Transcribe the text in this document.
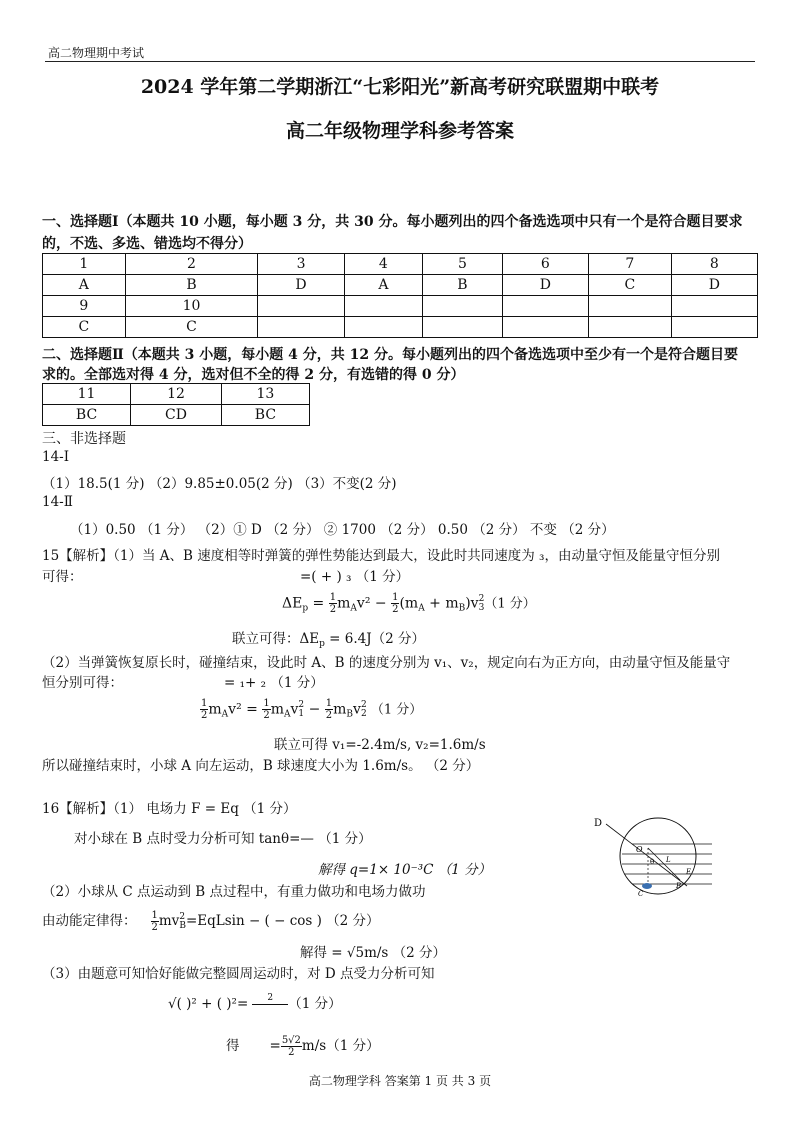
高二物理期中考试
2024 学年第二学期浙江“七彩阳光”新高考研究联盟期中联考
高二年级物理学科参考答案
一、选择题Ⅰ（本题共 10 小题，每小题 3 分，共 30 分。每小题列出的四个备选选项中只有一个是符合题目要求
的，不选、多选、错选均不得分）
1	2	3	4	5	6	7	8
A	B	D	A	B	D	C	D
9	10						
C	C						
二、选择题Ⅱ（本题共 3 小题，每小题 4 分，共 12 分。每小题列出的四个备选选项中至少有一个是符合题目要
求的。全部选对得 4 分，选对但不全的得 2 分，有选错的得 0 分）
11	12	13
BC	CD	BC
三、非选择题
14-Ⅰ
（1）18.5(1 分) （2）9.85±0.05(2 分) （3）不变(2 分)
14-Ⅱ
（1）0.50 （1 分） （2）① D （2 分） ② 1700 （2 分） 0.50 （2 分） 不变 （2 分）
15【解析】（1）当 A、B 速度相等时弹簧的弹性势能达到最大，设此时共同速度为 ₃，由动量守恒及能量守恒分别
可得：	=( + ) ₃ （1 分）
$\Delta E_p = \frac{1}{2} m_Av^2 - \frac{1}{2} (m_A + m_B)v$ 2
3 （1 分）
联立可得：$\Delta E_p = 6.4J(2$ 分）
（2）当弹簧恢复原长时，碰撞结束，设此时 A、B 的速度分别为 v₁、v₂，规定向右为正方向，由动量守恒及能量守
恒分别可得：	= ₁+ ₂ （1 分）
$\frac{1}{2} m_Av^2 = \frac{1}{2} m_Av$ 2
$1 - \frac{1}{2} m_Bv$ 2
2 （1 分）
联立可得 v₁=-2.4m/s, v₂=1.6m/s
所以碰撞结束时，小球 A 向左运动，B 球速度大小为 1.6m/s。 （2 分）
16【解析】（1） 电场力 F = Eq （1 分）
对小球在 B 点时受力分析可知 tanθ=— （1 分）
解得 q=1× 10⁻³C （1 分）
（2）小球从 C 点运动到 B 点过程中，有重力做功和电场力做功
由动能定律得： $\frac{1}{2}$ mv 2
B =EqLsin − ( − cos ) （2 分）
解得 = √5m/s （2 分）
（3）由题意可知恰好能做完整圆周运动时，对 D 点受力分析可知
√( )² + ( )²=	2
	（1 分）
得 = $\frac{5√2}{2} m/s(1$ 分）
D
O
θ L
E
B
C
高二物理学科 答案第 1 页 共 3 页
